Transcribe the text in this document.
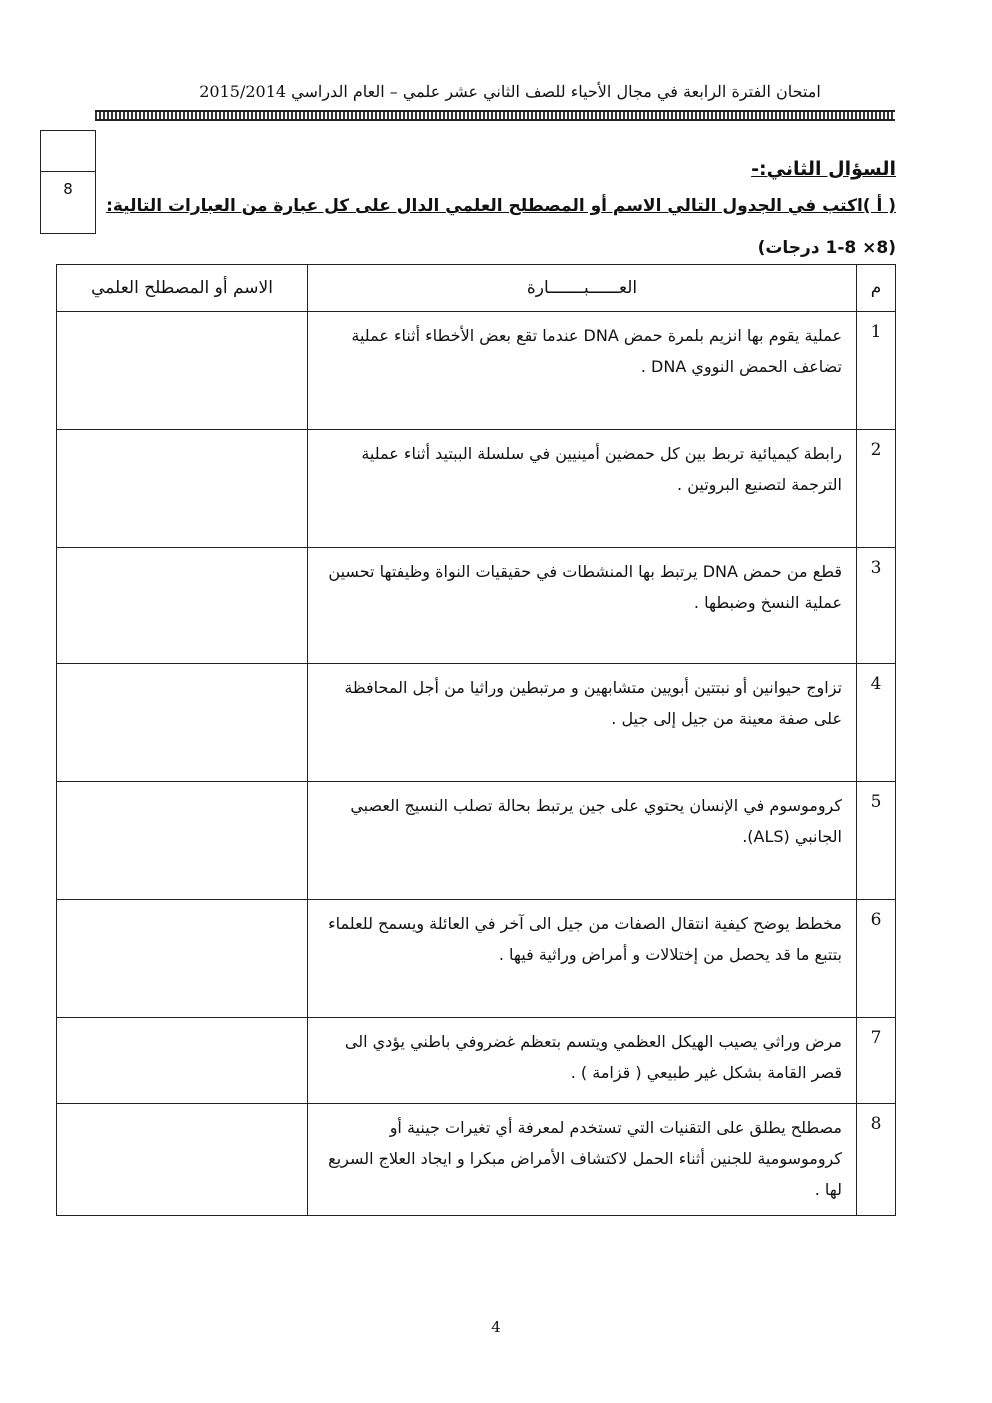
امتحان الفترة الرابعة في مجال الأحياء للصف الثاني عشر علمي – العام الدراسي 2015/2014
8
السؤال الثاني:-
( أ )اكتب في الجدول التالي الاسم أو المصطلح العلمي الدال على كل عبارة من العبارات التالية:
(8× 1-8 درجات)
م	العــــــبـــــــارة	الاسم أو المصطلح العلمي
1	عملية يقوم بها انزيم بلمرة حمض DNA عندما تقع بعض الأخطاء أثناء عملية تضاعف الحمض النووي DNA .	
2	رابطة كيميائية تربط بين كل حمضين أمينيين في سلسلة الببتيد أثناء عملية الترجمة لتصنيع البروتين .	
3	قطع من حمض DNA يرتبط بها المنشطات في حقيقيات النواة وظيفتها تحسين عملية النسخ وضبطها .	
4	تزاوج حيوانين أو نبتتين أبويين متشابهين و مرتبطين وراثيا من أجل المحافظة على صفة معينة من جيل إلى جيل .	
5	كروموسوم في الإنسان يحتوي على جين يرتبط بحالة تصلب النسيج العصبي الجانبي (ALS).	
6	مخطط يوضح كيفية انتقال الصفات من جيل الى آخر في العائلة ويسمح للعلماء بتتبع ما قد يحصل من إختلالات و أمراض وراثية فيها .	
7	مرض وراثي يصيب الهيكل العظمي ويتسم بتعظم غضروفي باطني يؤدي الى قصر القامة بشكل غير طبيعي ( قزامة ) .	
8	مصطلح يطلق على التقنيات التي تستخدم لمعرفة أي تغيرات جينية أو كروموسومية للجنين أثناء الحمل لاكتشاف الأمراض مبكرا و ايجاد العلاج السريع لها .	
4
